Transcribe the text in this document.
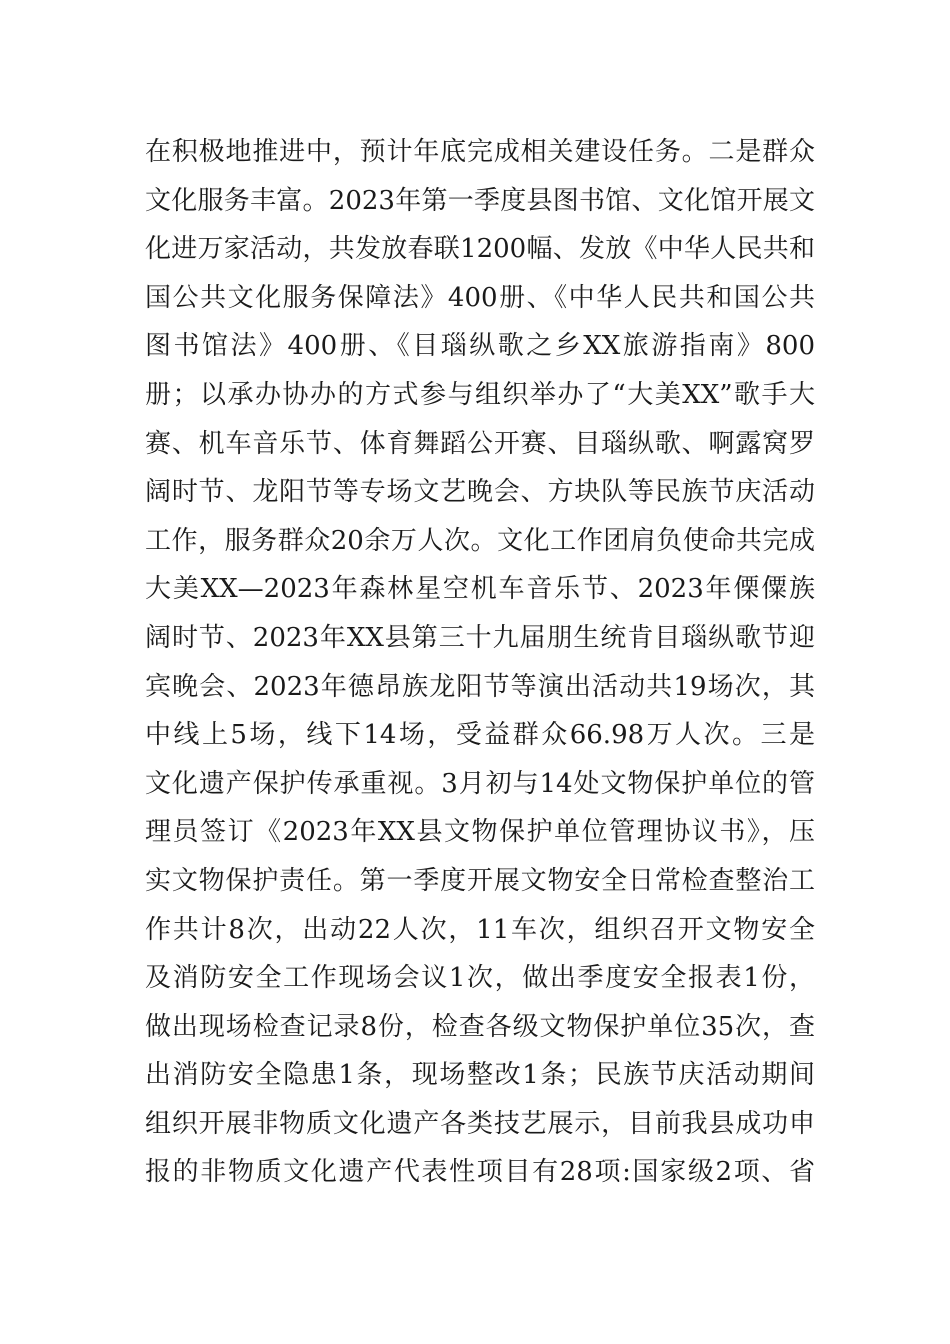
在积极地推进中，预计年底完成相关建设任务。二是群众
文化服务丰富。2023年第一季度县图书馆、文化馆开展文
化进万家活动，共发放春联1200幅、发放《中华人民共和
国公共文化服务保障法》400册、《中华人民共和国公共
图书馆法》400册、《目瑙纵歌之乡XX旅游指南》800
册；以承办协办的方式参与组织举办了“大美XX”歌手大
赛、机车音乐节、体育舞蹈公开赛、目瑙纵歌、啊露窝罗
阔时节、龙阳节等专场文艺晚会、方块队等民族节庆活动
工作，服务群众20余万人次。文化工作团肩负使命共完成
大美XX—2023年森林星空机车音乐节、2023年傈僳族
阔时节、2023年XX县第三十九届朋生统肯目瑙纵歌节迎
宾晚会、2023年德昂族龙阳节等演出活动共19场次，其
中线上5场，线下14场，受益群众66.98万人次。三是
文化遗产保护传承重视。3月初与14处文物保护单位的管
理员签订《2023年XX县文物保护单位管理协议书》，压
实文物保护责任。第一季度开展文物安全日常检查整治工
作共计8次，出动22人次，11车次，组织召开文物安全
及消防安全工作现场会议1次，做出季度安全报表1份，
做出现场检查记录8份，检查各级文物保护单位35次，查
出消防安全隐患1条，现场整改1条；民族节庆活动期间
组织开展非物质文化遗产各类技艺展示，目前我县成功申
报的非物质文化遗产代表性项目有28项:国家级2项、省
